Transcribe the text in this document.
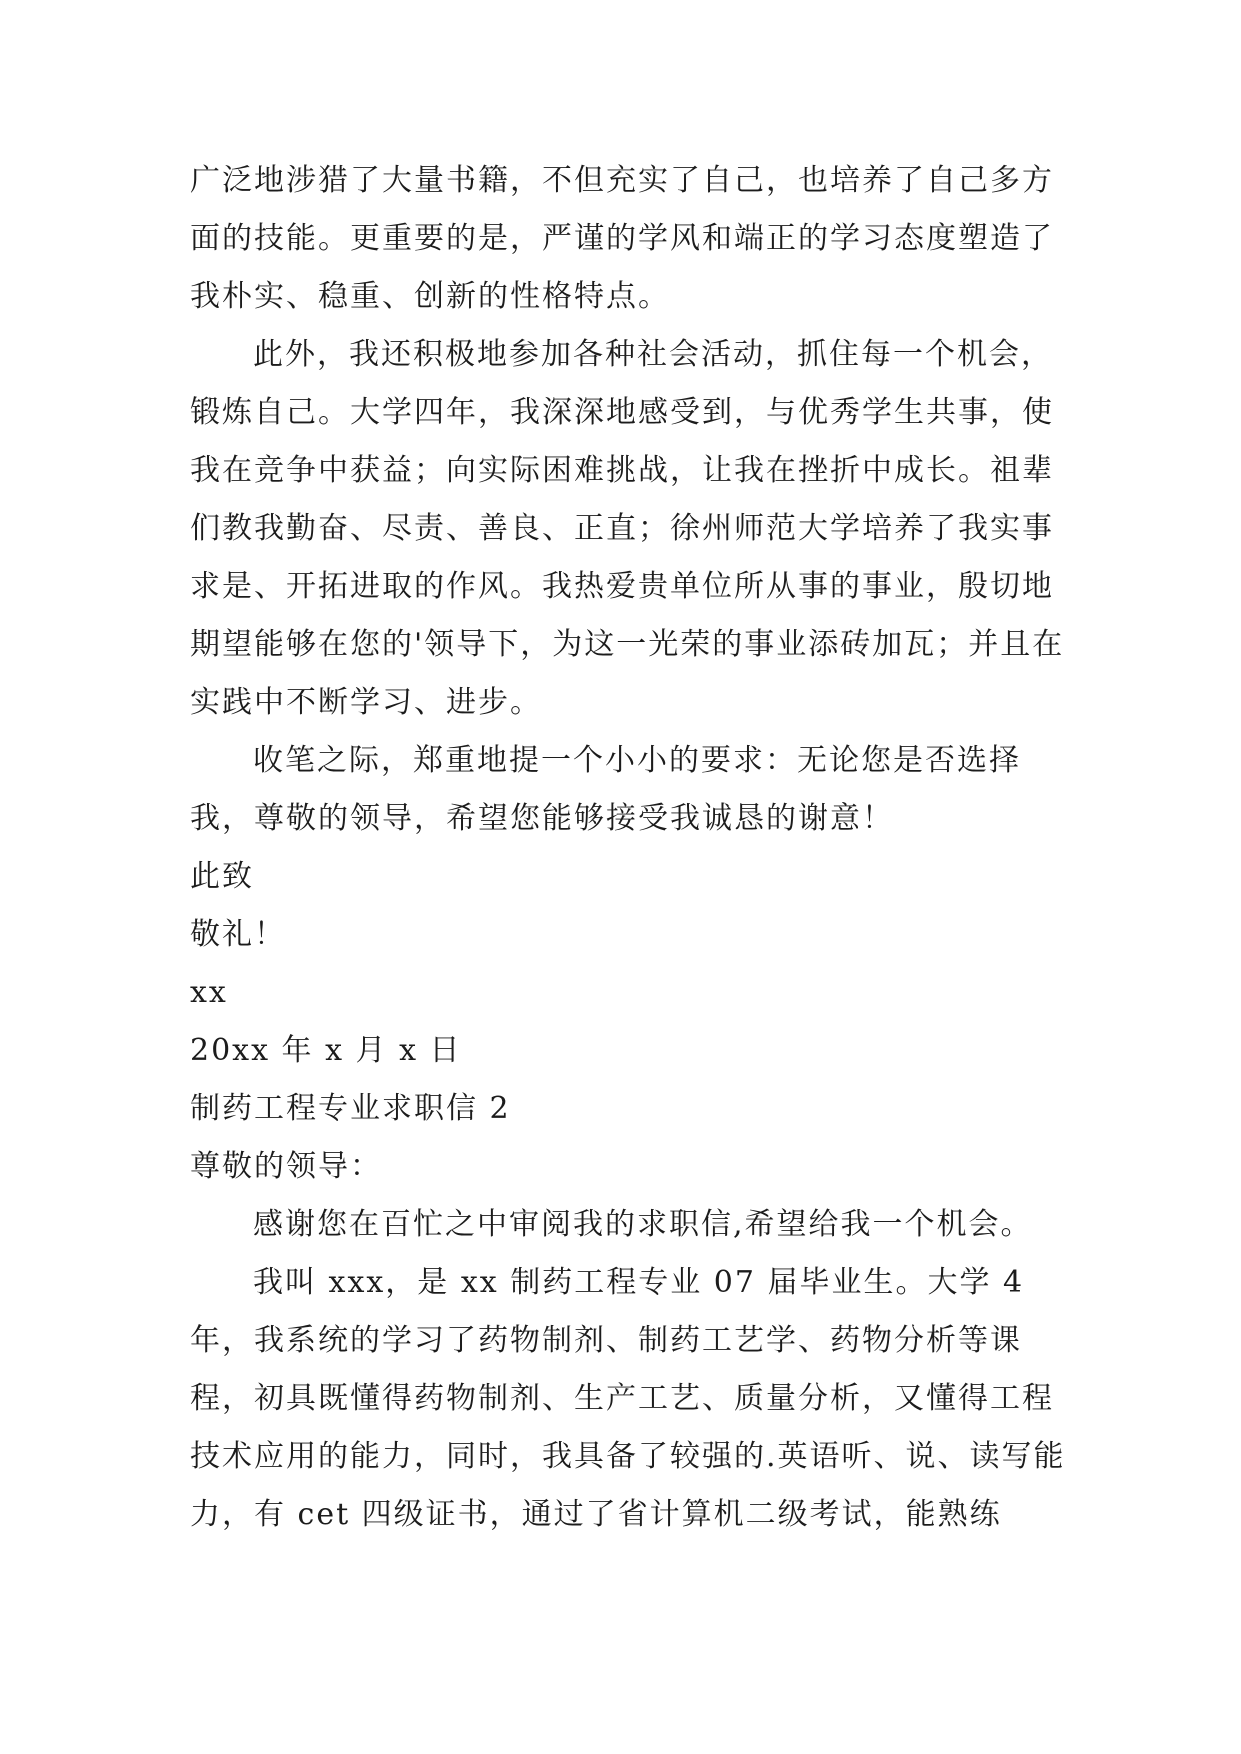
广泛地涉猎了大量书籍，不但充实了自己，也培养了自己多方面的技能。更重要的是，严谨的学风和端正的学习态度塑造了我朴实、稳重、创新的性格特点。

此外，我还积极地参加各种社会活动，抓住每一个机会，锻炼自己。大学四年，我深深地感受到，与优秀学生共事，使我在竞争中获益；向实际困难挑战，让我在挫折中成长。祖辈们教我勤奋、尽责、善良、正直；徐州师范大学培养了我实事求是、开拓进取的作风。我热爱贵单位所从事的事业，殷切地期望能够在您的'领导下，为这一光荣的事业添砖加瓦；并且在实践中不断学习、进步。

收笔之际，郑重地提一个小小的要求：无论您是否选择我，尊敬的领导，希望您能够接受我诚恳的谢意！

此致

敬礼！

xx

20xx 年 x 月 x 日

制药工程专业求职信 2

尊敬的领导：

感谢您在百忙之中审阅我的求职信,希望给我一个机会。

我叫 xxx，是 xx 制药工程专业 07 届毕业生。大学 4 年，我系统的学习了药物制剂、制药工艺学、药物分析等课程，初具既懂得药物制剂、生产工艺、质量分析，又懂得工程技术应用的能力，同时，我具备了较强的.英语听、说、读写能力，有 cet 四级证书，通过了省计算机二级考试，能熟练
